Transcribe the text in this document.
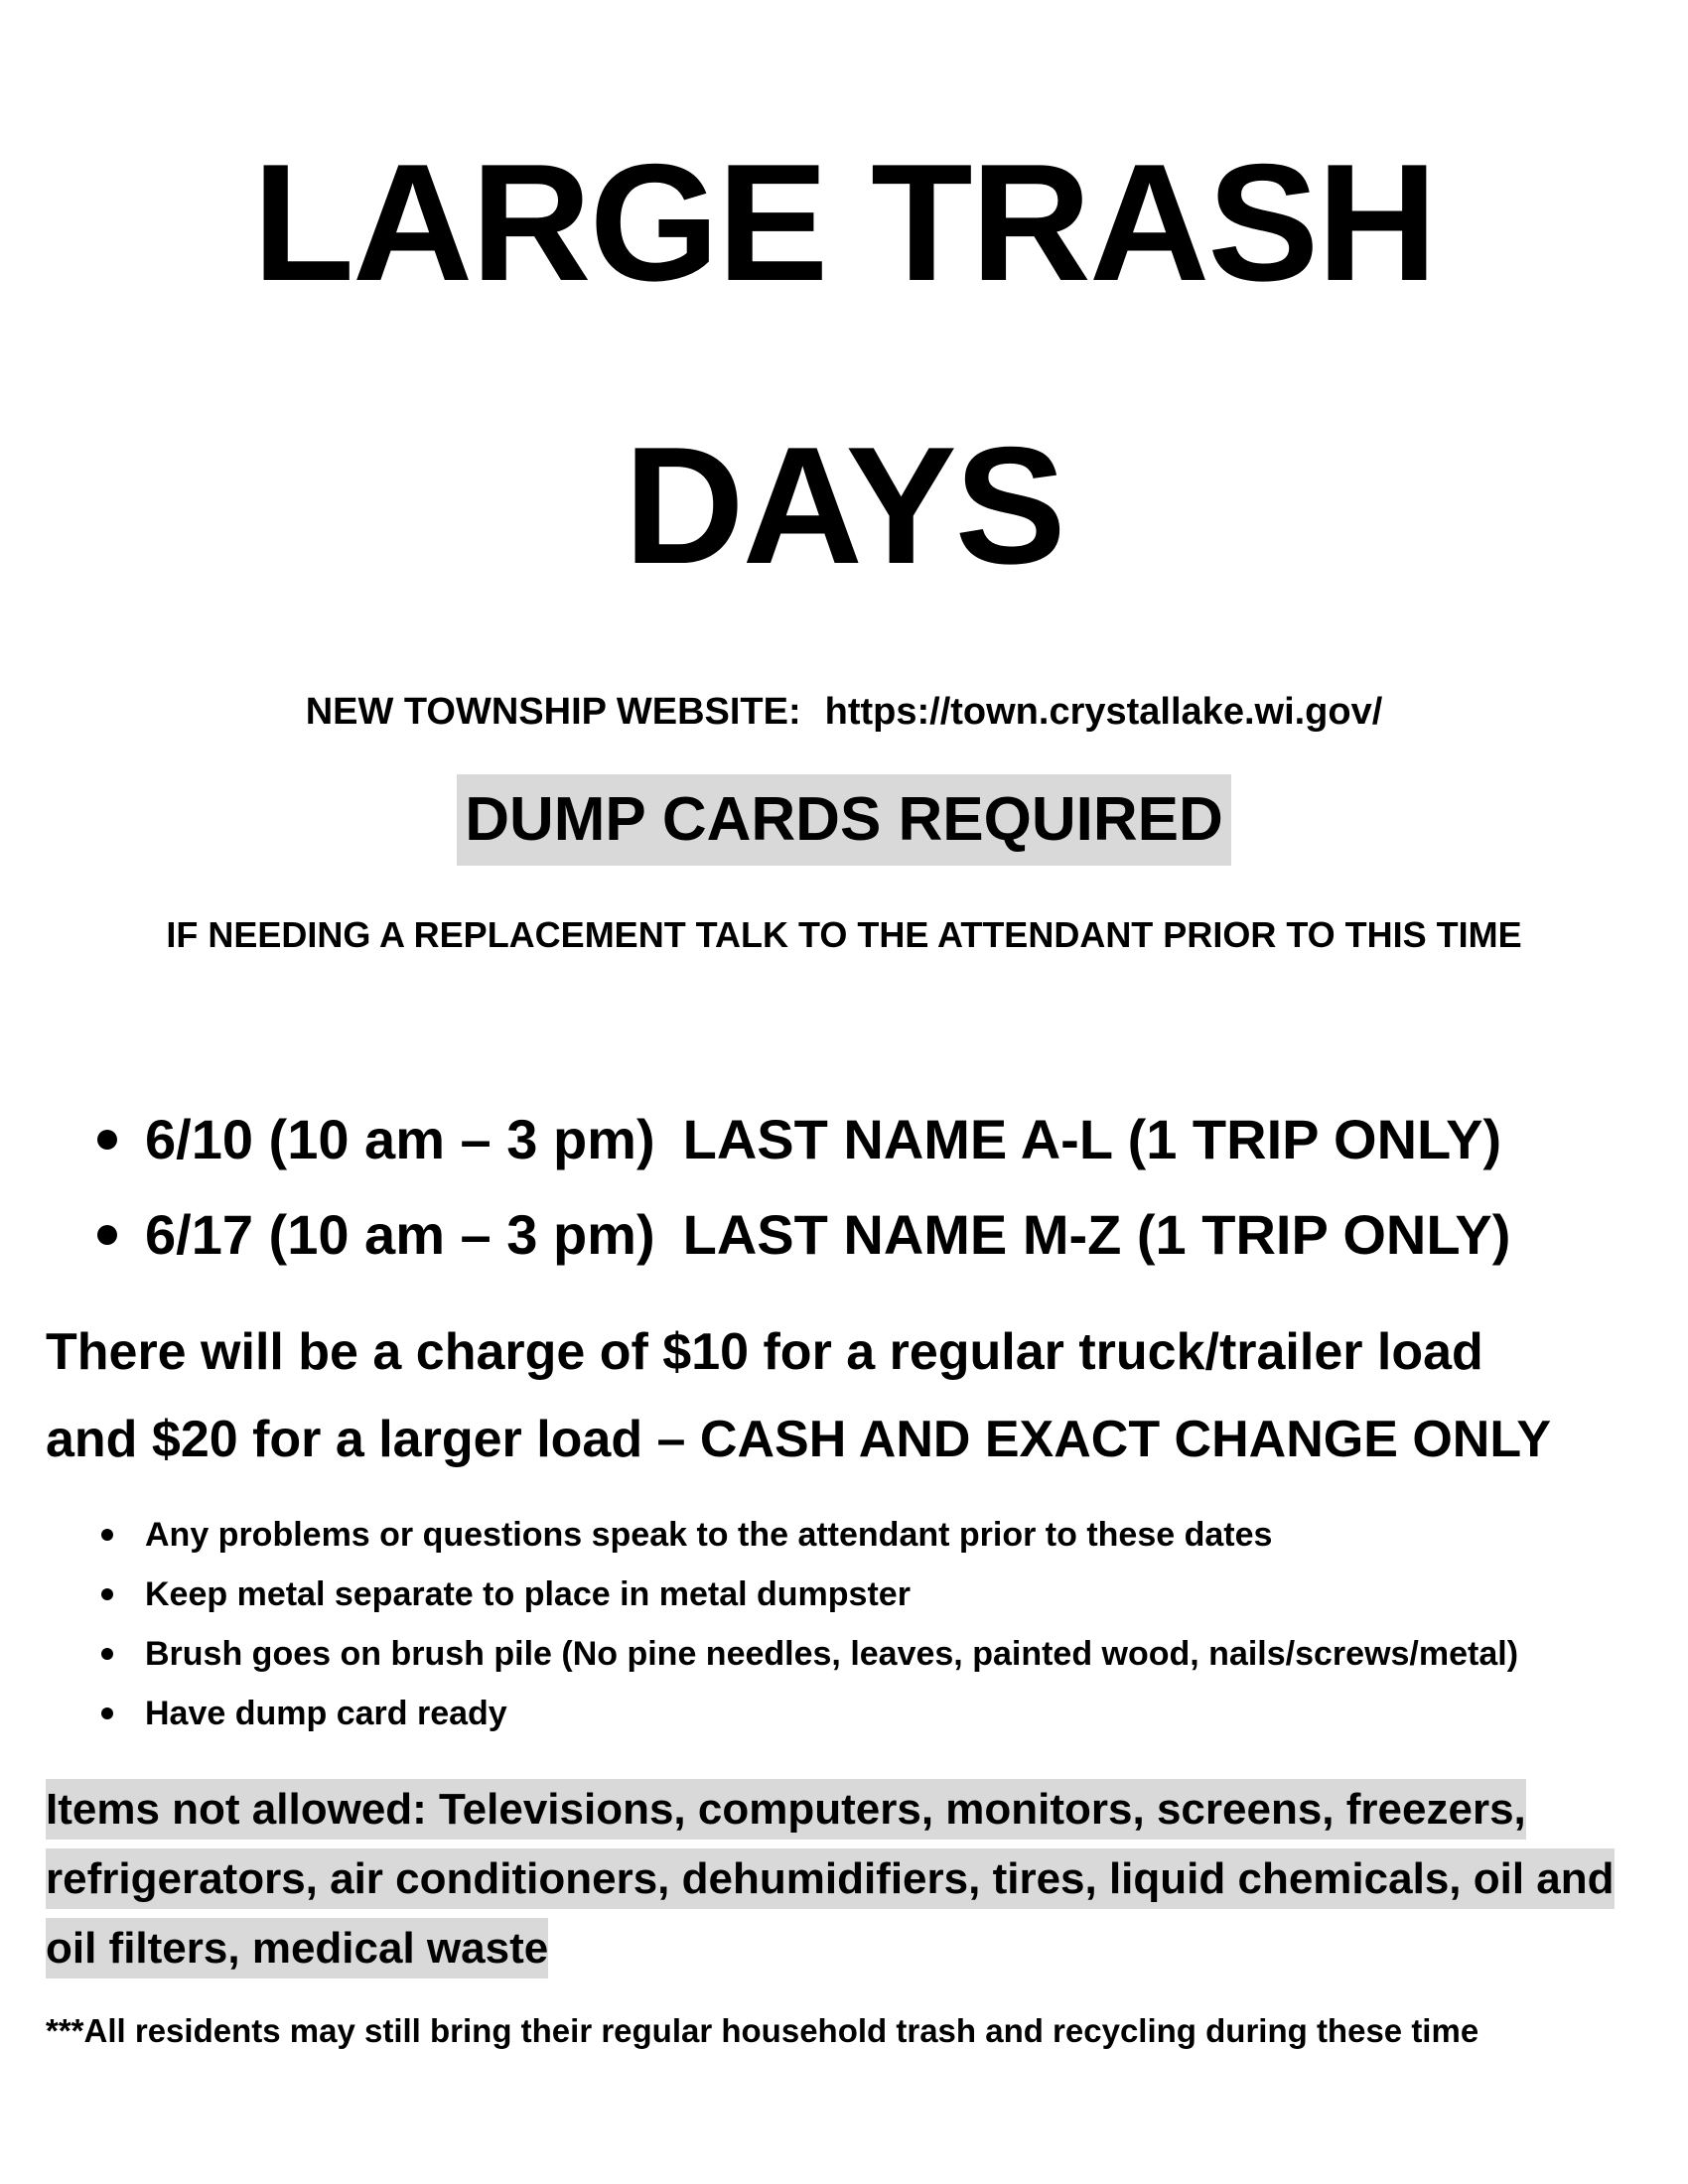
LARGE TRASH
DAYS
NEW TOWNSHIP WEBSITE: https://town.crystallake.wi.gov/
DUMP CARDS REQUIRED
IF NEEDING A REPLACEMENT TALK TO THE ATTENDANT PRIOR TO THIS TIME
6/10 (10 am – 3 pm) LAST NAME A-L (1 TRIP ONLY)
6/17 (10 am – 3 pm) LAST NAME M-Z (1 TRIP ONLY)
There will be a charge of $10 for a regular truck/trailer load
and $20 for a larger load – CASH AND EXACT CHANGE ONLY
Any problems or questions speak to the attendant prior to these dates
Keep metal separate to place in metal dumpster
Brush goes on brush pile (No pine needles, leaves, painted wood, nails/screws/metal)
Have dump card ready
Items not allowed: Televisions, computers, monitors, screens, freezers,
refrigerators, air conditioners, dehumidifiers, tires, liquid chemicals, oil and
oil filters, medical waste
***All residents may still bring their regular household trash and recycling during these time
